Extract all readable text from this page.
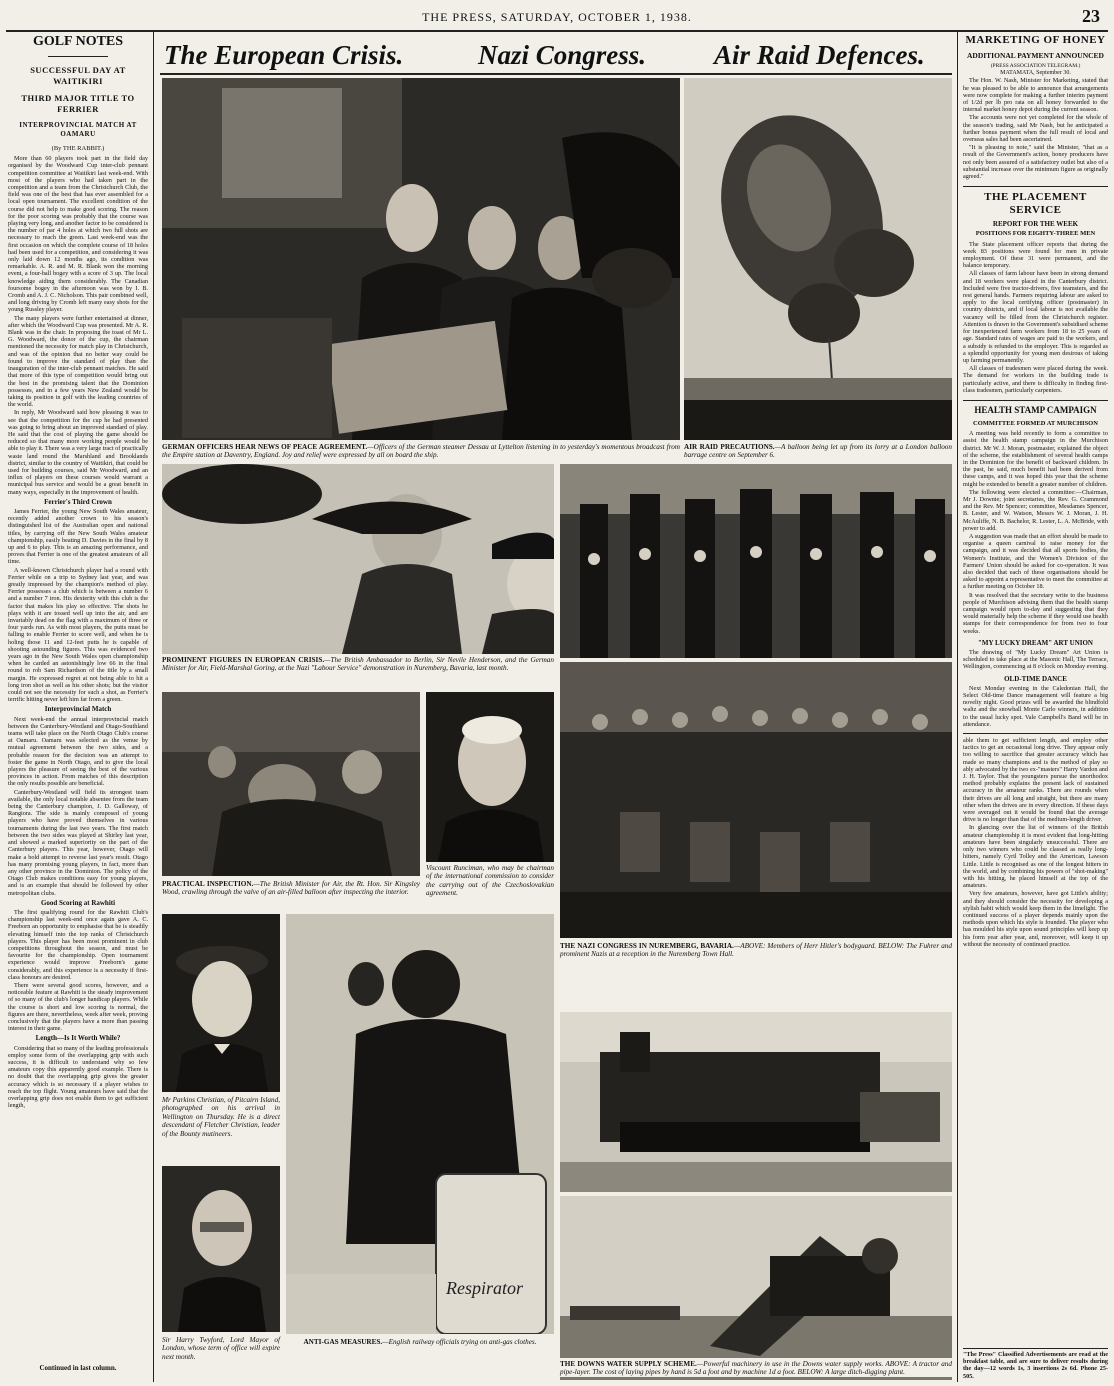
THE PRESS, SATURDAY, OCTOBER 1, 1938.	23
GOLF NOTES
SUCCESSFUL DAY AT WAITIKIRI
THIRD MAJOR TITLE TO FERRIER
INTERPROVINCIAL MATCH AT OAMARU
(By THE RABBIT.)

More than 60 players took part in the field day organised by the Woodward Cup inter-club pennant competition committee at Waitikiri last week-end. With most of the players who had taken part in the competition and a team from the Christchurch Club, the field was one of the best that has ever assembled for a local open tournament. The excellent condition of the course did not help to make good scoring. The reason for the poor scoring was probably that the course was playing very long, and another factor to be considered is the number of par 4 holes at which two full shots are necessary to reach the green. Last week-end was the first occasion on which the complete course of 18 holes had been used for a competition, and considering it was only laid down 12 months ago, its condition was remarkable. A. R. and M. R. Blank won the morning event, a four-ball bogey with a score of 3 up. The local knowledge aiding them considerably. The Canadian foursome bogey in the afternoon was won by I. B. Cromb and A. J. C. Nicholson. This pair combined well, and long driving by Cromb left many easy shots for the young Russley player.

The many players were further entertained at dinner, after which the Woodward Cup was presented. Mr A. R. Blank was in the chair. In proposing the toast of Mr L. G. Woodward, the donor of the cup, the chairman mentioned the necessity for match play in Christchurch, and was of the opinion that no better way could be found to improve the standard of play than the inauguration of the inter-club pennant matches. He said that more of this type of competition would bring out the best in the promising talent that the Dominion possesses, and in a few years New Zealand would be taking its position in golf with the leading countries of the world.

In reply, Mr Woodward said how pleasing it was to see that the competition for the cup he had presented was going to bring about an improved standard of play. He said that the cost of playing the game should be reduced so that many more working people would be able to play it. There was a very large tract of practically waste land round the Marshland and Brooklands district, similar to the country of Waitikiri, that could be used for building courses, said Mr Woodward, and an influx of players on these courses would warrant a municipal bus service and would be a great benefit in many ways, especially in the improvement of health.

Ferrier's Third Crown

James Ferrier, the young New South Wales amateur, recently added another crown to his season's distinguished list of the Australian open and national titles, by carrying off the New South Wales amateur championship, easily beating D. Davies in the final by 8 up and 6 to play. This is an amazing performance, and proves that Ferrier is one of the greatest amateurs of all time.

A well-known Christchurch player had a round with Ferrier while on a trip to Sydney last year, and was greatly impressed by the champion's method of play. Ferrier possesses a club which is between a number 6 and a number 7 iron. His dexterity with this club is the factor that makes his play so effective. The shots he plays with it are tossed well up into the air, and are invariably dead on the flag with a maximum of three or four yards run. As with most players, the putts must be falling to enable Ferrier to score well, and when he is holing those 11 and 12-feet putts he is capable of shooting astounding figures. This was evidenced two years ago in the New South Wales open championship when he carded an astonishingly low 66 in the final round to rob Sam Richardson of the title by a small margin. He expressed regret at not being able to hit a long iron shot as well as his other shots; but the visitor could not see the necessity for such a shot, as Ferrier's terrific hitting never left him far from a green.

Interprovincial Match

Next week-end the annual interprovincial match between the Canterbury-Westland and Otago-Southland teams will take place on the North Otago Club's course at Oamaru. Oamaru was selected as the venue by mutual agreement between the two sides, and a probable reason for the decision was an attempt to foster the game in North Otago, and to give the local players the pleasure of seeing the best of the various provinces in action. From matches of this description the only results possible are beneficial.

Canterbury-Westland will field its strongest team available, the only local notable absentee from the team being the Canterbury champion, J. D. Galloway, of Rangiora. The side is mainly composed of young players who have proved themselves in various tournaments during the last two years. The first match between the two sides was played at Shirley last year, and showed a marked superiority on the part of the Canterbury players. This year, however, Otago will make a bold attempt to reverse last year's result. Otago has many promising young players, in fact, more than any other province in the Dominion. The policy of the Otago Club makes conditions easy for young players, and is an example that should be followed by other metropolitan clubs.

Good Scoring at Rawhiti

The first qualifying round for the Rawhiti Club's championship last week-end once again gave A. C. Freeborn an opportunity to emphasise that he is steadily elevating himself into the top ranks of Christchurch players. This player has been most prominent in club competitions throughout the season, and must be favourite for the championship. Open tournament experience would improve Freeborn's game considerably, and this experience is a necessity if first-class honours are desired.

There were several good scores, however, and a noticeable feature at Rawhiti is the steady improvement of so many of the club's longer handicap players. While the course is short and low scoring is normal, the figures are there, nevertheless, week after week, proving conclusively that the players have a more than passing interest in their game.

Length—Is It Worth While?

Considering that so many of the leading professionals employ some form of the overlapping grip with such success, it is difficult to understand why so few amateurs copy this apparently good example. There is no doubt that the overlapping grip gives the greater accuracy which is so necessary if a player wishes to reach the top flight. Young amateurs have said that the overlapping grip does not enable them to get sufficient length,

Continued in last column.
The European Crisis.	Nazi Congress.	Air Raid Defences.
GERMAN OFFICERS HEAR NEWS OF PEACE AGREEMENT.—Officers of the German steamer Dessau at Lyttelton listening in to yesterday's momentous broadcast from the Empire station at Daventry, England. Joy and relief were expressed by all on board the ship.
AIR RAID PRECAUTIONS.—A balloon being let up from its lorry at a London balloon barrage centre on September 6.
PROMINENT FIGURES IN EUROPEAN CRISIS.—The British Ambassador to Berlin, Sir Nevile Henderson, and the German Minister for Air, Field-Marshal Goring, at the Nazi "Labour Service" demonstration in Nuremberg, Bavaria, last month.
PRACTICAL INSPECTION.—The British Minister for Air, the Rt. Hon. Sir Kingsley Wood, crawling through the valve of an air-filled balloon after inspecting the interior.
Viscount Runciman, who may be chairman of the international commission to consider the carrying out of the Czechoslovakian agreement.
THE NAZI CONGRESS IN NUREMBERG, BAVARIA.—ABOVE: Members of Herr Hitler's bodyguard. BELOW: The Fuhrer and prominent Nazis at a reception in the Nuremberg Town Hall.
Mr Parkins Christian, of Pitcairn Island, photographed on his arrival in Wellington on Thursday. He is a direct descendant of Fletcher Christian, leader of the Bounty mutineers.
Sir Harry Twyford, Lord Mayor of London, whose term of office will expire next month.
Respirator
ANTI-GAS MEASURES.—English railway officials trying on anti-gas clothes.
THE DOWNS WATER SUPPLY SCHEME.—Powerful machinery in use in the Downs water supply works. ABOVE: A tractor and pipe-layer. The cost of laying pipes by hand is 5d a foot and by machine 1d a foot. BELOW: A large ditch-digging plant.
MARKETING OF HONEY
ADDITIONAL PAYMENT ANNOUNCED
(PRESS ASSOCIATION TELEGRAM.)
MATAMATA, September 30.

The Hon. W. Nash, Minister for Marketing, stated that he was pleased to be able to announce that arrangements were now complete for making a further interim payment of 1/2d per lb pro rata on all honey forwarded to the internal market honey depot during the current season.

The accounts were not yet completed for the whole of the season's trading, said Mr Nash, but he anticipated a further bonus payment when the full result of local and overseas sales had been ascertained.

"It is pleasing to note," said the Minister, "that as a result of the Government's action, honey producers have not only been assured of a satisfactory outlet but also of a substantial increase over the minimum figure as originally agreed."

THE PLACEMENT SERVICE
REPORT FOR THE WEEK
POSITIONS FOR EIGHTY-THREE MEN

The State placement officer reports that during the week 83 positions were found for men in private employment. Of these 31 were permanent, and the balance temporary.

All classes of farm labour have been in strong demand and 18 workers were placed in the Canterbury district. Included were five tractor-drivers, five teamsters, and the rest general hands. Farmers requiring labour are asked to apply to the local certifying officer (postmaster) in country districts, and if local labour is not available the vacancy will be filled from the Christchurch register. Attention is drawn to the Government's subsidised scheme for inexperienced farm workers from 18 to 25 years of age. Standard rates of wages are paid to the workers, and a subsidy is refunded to the employer. This is regarded as a splendid opportunity for young men desirous of taking up farming permanently.

All classes of tradesmen were placed during the week. The demand for workers in the building trade is particularly active, and there is difficulty in finding first-class tradesmen, particularly carpenters.

HEALTH STAMP CAMPAIGN
COMMITTEE FORMED AT MURCHISON

A meeting was held recently to form a committee to assist the health stamp campaign in the Murchison district. Mr W. J. Moran, postmaster, explained the object of the scheme, the establishment of several health camps in the Dominion for the benefit of backward children. In the past, he said, much benefit had been derived from these camps, and it was hoped this year that the scheme might be extended to benefit a greater number of children.

The following were elected a committee:—Chairman, Mr J. Downie; joint secretaries, the Rev. G. Crammond and the Rev. Mr Spencer; committee, Mesdames Spencer, B. Lester, and W. Watson, Messrs W. J. Moran, J. H. McAuliffe, N. B. Bachelor, R. Lester, L. A. McBride, with power to add.

A suggestion was made that an effort should be made to organise a queen carnival to raise money for the campaign, and it was decided that all sports bodies, the Women's Institute, and the Women's Division of the Farmers' Union should be asked for co-operation. It was also decided that each of these organisations should be asked to appoint a representative to meet the committee at a further meeting on October 18.

It was resolved that the secretary write to the business people of Murchison advising them that the health stamp campaign would open to-day and suggesting that they would materially help the scheme if they would use health stamps for their correspondence for from two to four weeks.

"MY LUCKY DREAM" ART UNION

The drawing of "My Lucky Dream" Art Union is scheduled to take place at the Masonic Hall, The Terrace, Wellington, commencing at 8 o'clock on Monday evening.

OLD-TIME DANCE

Next Monday evening in the Caledonian Hall, the Select Old-time Dance management will feature a big novelty night. Good prizes will be awarded the blindfold waltz and the snowball Monte Carlo winners, in addition to the usual lucky spot. Vale Campbell's Band will be in attendance.

able them to get sufficient length, and employ other tactics to get an occasional long drive. They appear only too willing to sacrifice that greater accuracy which has made so many champions and is the method of play so ably advocated by the two ex-"masters" Harry Vardon and J. H. Taylor. That the youngsters pursue the unorthodox method probably explains the present lack of sustained accuracy in the amateur ranks. There are rounds when their drives are all long and straight, but there are many other when the drives are in every direction. If these days were averaged out it would be found that the average drive is no longer than that of the medium-length driver.

In glancing over the list of winners of the British amateur championship it is most evident that long-hitting amateurs have been singularly unsuccessful. There are only two winners who could be classed as really long-hitters, namely Cyril Tolley and the American, Lawson Little. Little is recognised as one of the longest hitters in the world, and by combining his powers of "shot-making" with his hitting, he placed himself at the top of the amateurs.

Very few amateurs, however, have got Little's ability; and they should consider the necessity for developing a stylish habit which would keep them in the limelight. The continued success of a player depends mainly upon the methods upon which his style is founded. The player who has moulded his style upon sound principles will keep up his form year after year, and, moreover, will keep it up without the necessity of continued practice.

"The Press" Classified Advertisements are read at the breakfast table, and are sure to deliver results during the day—12 words 1s, 3 insertions 2s 6d. Phone 25-505.
